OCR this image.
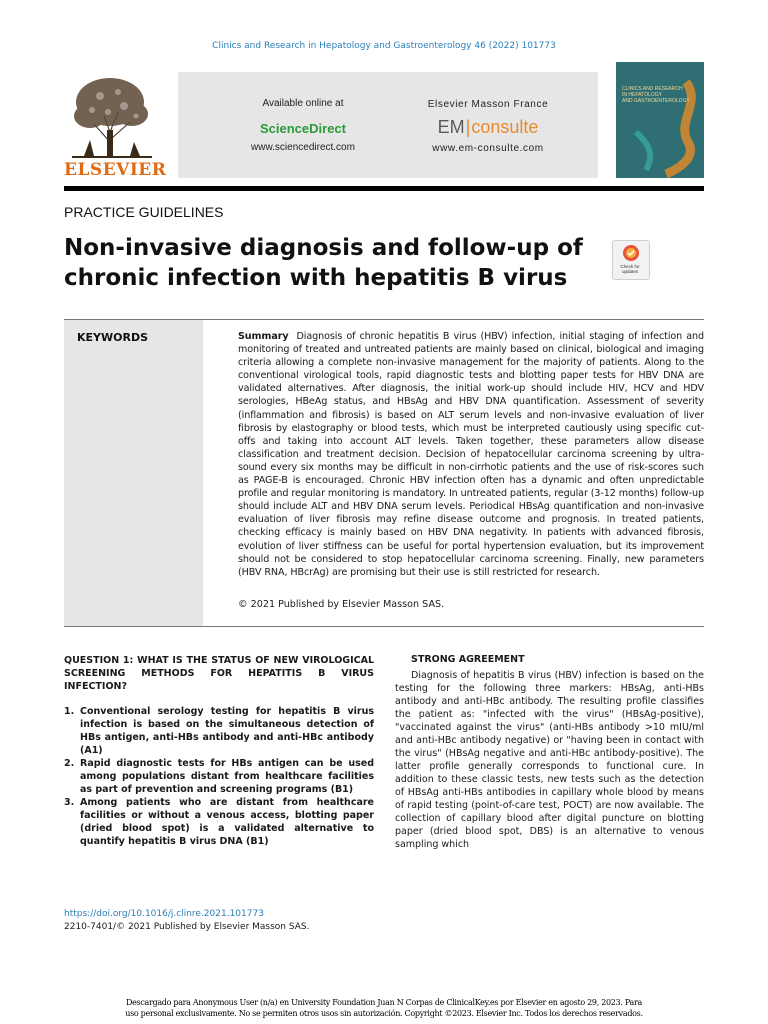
Clinics and Research in Hepatology and Gastroenterology 46 (2022) 101773
ELSEVIER
Available online at
ScienceDirect
www.sciencedirect.com
Elsevier Masson France
EM|consulte
www.em-consulte.com
CLINICS AND RESEARCH
IN HEPATOLOGY
AND GASTROENTEROLOGY
PRACTICE GUIDELINES
Non-invasive diagnosis and follow-up of chronic infection with hepatitis B virus	Check for updates
KEYWORDS	Summary Diagnosis of chronic hepatitis B virus (HBV) infection, initial staging of infection and monitoring of treated and untreated patients are mainly based on clinical, biological and imaging criteria allowing a complete non-invasive management for the majority of patients. Along to the conventional virological tools, rapid diagnostic tests and blotting paper tests for HBV DNA are validated alternatives. After diagnosis, the initial work-up should include HIV, HCV and HDV serologies, HBeAg status, and HBsAg and HBV DNA quantification. Assessment of severity (inflammation and fibrosis) is based on ALT serum levels and non-invasive evaluation of liver fibrosis by elastography or blood tests, which must be interpreted cautiously using specific cut-offs and taking into account ALT levels. Taken together, these parameters allow disease classification and treatment decision. Decision of hepatocellular carcinoma screening by ultra-sound every six months may be difficult in non-cirrhotic patients and the use of risk-scores such as PAGE-B is encouraged. Chronic HBV infection often has a dynamic and often unpredictable profile and regular monitoring is mandatory. In untreated patients, regular (3-12 months) follow-up should include ALT and HBV DNA serum levels. Periodical HBsAg quantification and non-invasive evaluation of liver fibrosis may refine disease outcome and prognosis. In treated patients, checking efficacy is mainly based on HBV DNA negativity. In patients with advanced fibrosis, evolution of liver stiffness can be useful for portal hypertension evaluation, but its improvement should not be considered to stop hepatocellular carcinoma screening. Finally, new parameters (HBV RNA, HBcrAg) are promising but their use is still restricted for research.
© 2021 Published by Elsevier Masson SAS.
QUESTION 1: WHAT IS THE STATUS OF NEW VIROLOGICAL SCREENING METHODS FOR HEPATITIS B VIRUS INFECTION?
1. Conventional serology testing for hepatitis B virus infection is based on the simultaneous detection of HBs antigen, anti-HBs antibody and anti-HBc antibody (A1)
2. Rapid diagnostic tests for HBs antigen can be used among populations distant from healthcare facilities as part of prevention and screening programs (B1)
3. Among patients who are distant from healthcare facilities or without a venous access, blotting paper (dried blood spot) is a validated alternative to quantify hepatitis B virus DNA (B1)
STRONG AGREEMENT
Diagnosis of hepatitis B virus (HBV) infection is based on the testing for the following three markers: HBsAg, anti-HBs antibody and anti-HBc antibody. The resulting profile classifies the patient as: "infected with the virus" (HBsAg-positive), "vaccinated against the virus" (anti-HBs antibody >10 mIU/ml and anti-HBc antibody negative) or "having been in contact with the virus" (HBsAg negative and anti-HBc antibody-positive). The latter profile generally corresponds to functional cure. In addition to these classic tests, new tests such as the detection of HBsAg anti-HBs antibodies in capillary whole blood by means of rapid testing (point-of-care test, POCT) are now available. The collection of capillary blood after digital puncture on blotting paper (dried blood spot, DBS) is an alternative to venous sampling which
https://doi.org/10.1016/j.clinre.2021.101773
2210-7401/© 2021 Published by Elsevier Masson SAS.
Descargado para Anonymous User (n/a) en University Foundation Juan N Corpas de ClinicalKey.es por Elsevier en agosto 29, 2023. Para uso personal exclusivamente. No se permiten otros usos sin autorización. Copyright ©2023. Elsevier Inc. Todos los derechos reservados.
